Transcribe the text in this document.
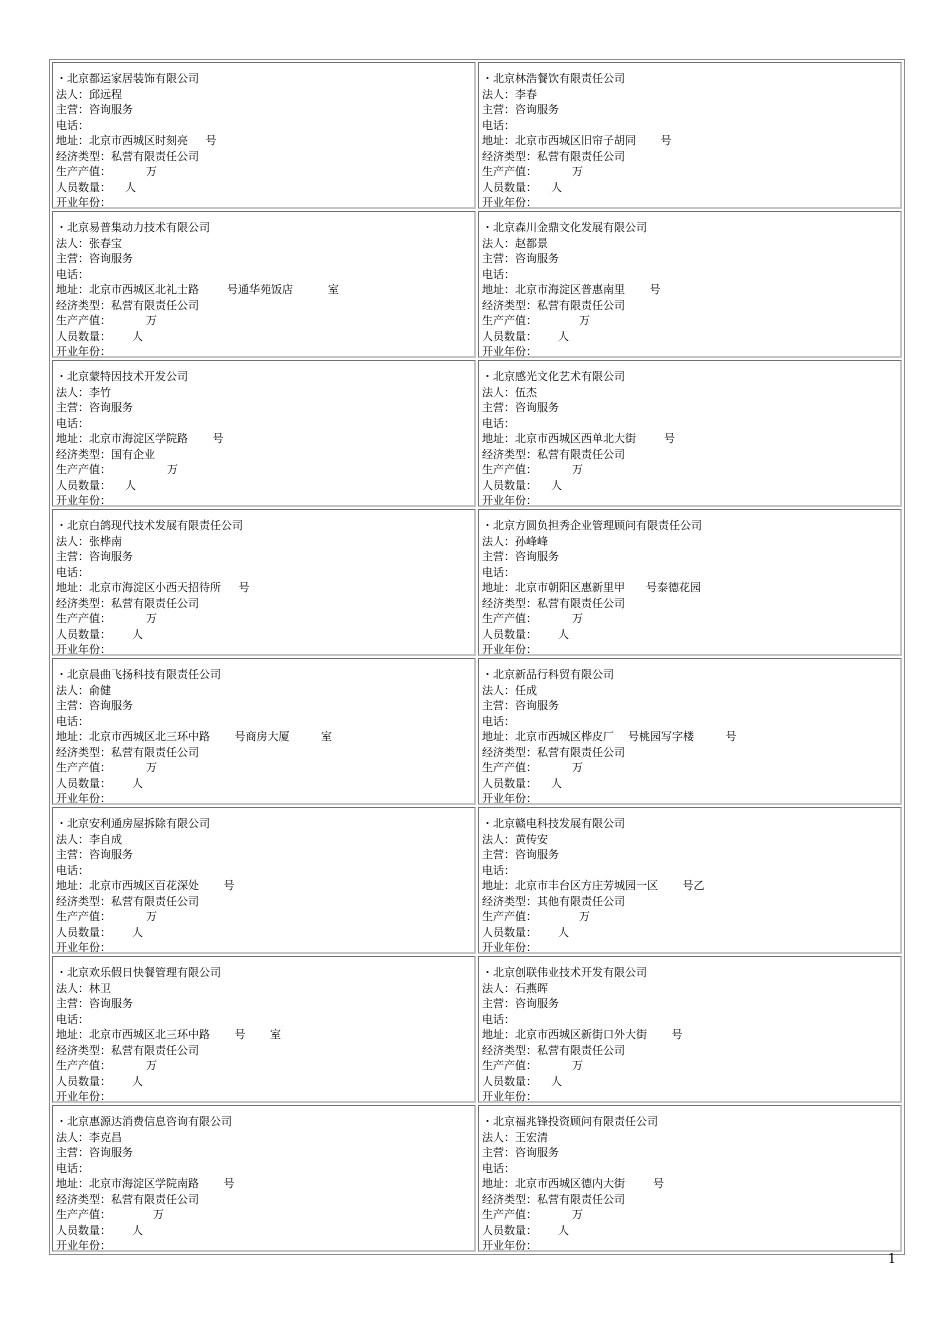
・北京都运家居装饰有限公司
法人：邱远程
主营：咨询服务
电话：
地址：北京市西城区时刻亮     号
经济类型：私营有限责任公司
生产产值：          万
人员数量：    人
开业年份：
・北京林浩餐饮有限责任公司
法人：李春
主营：咨询服务
电话：
地址：北京市西城区旧帘子胡同       号
经济类型：私营有限责任公司
生产产值：          万
人员数量：    人
开业年份：
・北京易普集动力技术有限公司
法人：张春宝
主营：咨询服务
电话：
地址：北京市西城区北礼士路        号通华苑饭店          室
经济类型：私营有限责任公司
生产产值：          万
人员数量：      人
开业年份：
・北京森川金鼎文化发展有限公司
法人：赵都景
主营：咨询服务
电话：
地址：北京市海淀区普惠南里       号
经济类型：私营有限责任公司
生产产值：            万
人员数量：      人
开业年份：
・北京蒙特因技术开发公司
法人：李竹
主营：咨询服务
电话：
地址：北京市海淀区学院路       号
经济类型：国有企业
生产产值：                万
人员数量：    人
开业年份：
・北京感光文化艺术有限公司
法人：伍杰
主营：咨询服务
电话：
地址：北京市西城区西单北大街        号
经济类型：私营有限责任公司
生产产值：          万
人员数量：    人
开业年份：
・北京白鸽现代技术发展有限责任公司
法人：张桦南
主营：咨询服务
电话：
地址：北京市海淀区小西天招待所     号
经济类型：私营有限责任公司
生产产值：          万
人员数量：      人
开业年份：
・北京方圆负担秀企业管理顾问有限责任公司
法人：孙峰峰
主营：咨询服务
电话：
地址：北京市朝阳区惠新里甲      号泰德花园
经济类型：私营有限责任公司
生产产值：          万
人员数量：      人
开业年份：
・北京晨曲飞扬科技有限责任公司
法人：俞健
主营：咨询服务
电话：
地址：北京市西城区北三环中路       号商房大厦         室
经济类型：私营有限责任公司
生产产值：          万
人员数量：      人
开业年份：
・北京新品行科贸有限公司
法人：任成
主营：咨询服务
电话：
地址：北京市西城区桦皮厂    号桃园写字楼         号
经济类型：私营有限责任公司
生产产值：          万
人员数量：    人
开业年份：
・北京安利通房屋拆除有限公司
法人：李自成
主营：咨询服务
电话：
地址：北京市西城区百花深处       号
经济类型：私营有限责任公司
生产产值：          万
人员数量：      人
开业年份：
・北京赣电科技发展有限公司
法人：黄传安
主营：咨询服务
电话：
地址：北京市丰台区方庄芳城园一区       号乙
经济类型：其他有限责任公司
生产产值：            万
人员数量：      人
开业年份：
・北京欢乐假日快餐管理有限公司
法人：林卫
主营：咨询服务
电话：
地址：北京市西城区北三环中路       号       室
经济类型：私营有限责任公司
生产产值：          万
人员数量：      人
开业年份：
・北京创联伟业技术开发有限公司
法人：石燕晖
主营：咨询服务
电话：
地址：北京市西城区新街口外大街       号
经济类型：私营有限责任公司
生产产值：          万
人员数量：    人
开业年份：
・北京惠源达消费信息咨询有限公司
法人：李克昌
主营：咨询服务
电话：
地址：北京市海淀区学院南路       号
经济类型：私营有限责任公司
生产产值：            万
人员数量：      人
开业年份：
・北京福兆锋投资顾问有限责任公司
法人：王宏清
主营：咨询服务
电话：
地址：北京市西城区德内大街        号
经济类型：私营有限责任公司
生产产值：          万
人员数量：      人
开业年份：
1
